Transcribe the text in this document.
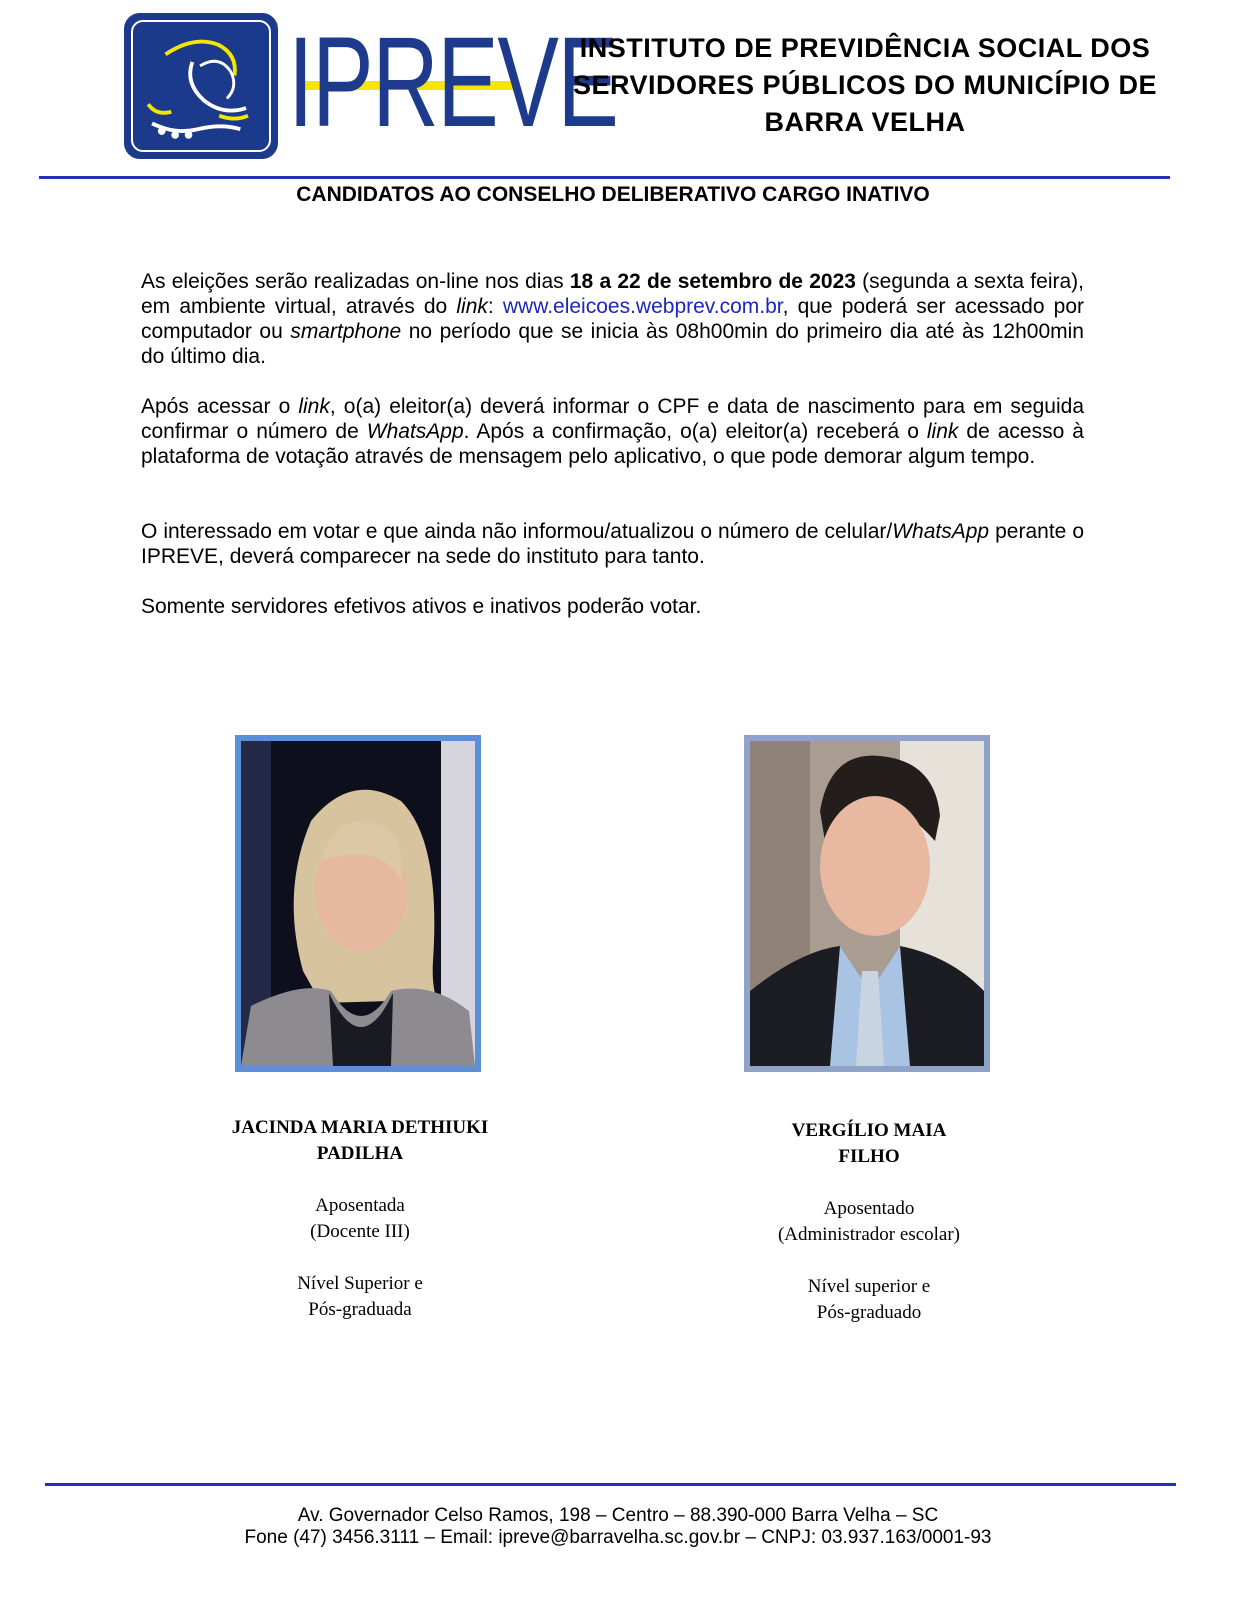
IPREVE
INSTITUTO DE PREVIDÊNCIA SOCIAL DOS
SERVIDORES PÚBLICOS DO MUNICÍPIO DE
BARRA VELHA
CANDIDATOS AO CONSELHO DELIBERATIVO CARGO INATIVO
As eleições serão realizadas on-line nos dias 18 a 22 de setembro de 2023 (segunda a sexta feira), em ambiente virtual, através do link: www.eleicoes.webprev.com.br, que poderá ser acessado por computador ou smartphone no período que se inicia às 08h00min do primeiro dia até às 12h00min do último dia.
Após acessar o link, o(a) eleitor(a) deverá informar o CPF e data de nascimento para em seguida confirmar o número de WhatsApp. Após a confirmação, o(a) eleitor(a) receberá o link de acesso à plataforma de votação através de mensagem pelo aplicativo, o que pode demorar algum tempo.
O interessado em votar e que ainda não informou/atualizou o número de celular/WhatsApp perante o IPREVE, deverá comparecer na sede do instituto para tanto.
Somente servidores efetivos ativos e inativos poderão votar.
JACINDA MARIA DETHIUKI
PADILHA
Aposentada
(Docente III)
Nível Superior e
Pós-graduada
VERGÍLIO MAIA
FILHO
Aposentado
(Administrador escolar)
Nível superior e
Pós-graduado
Av. Governador Celso Ramos, 198 – Centro – 88.390-000 Barra Velha – SC
Fone (47) 3456.3111 – Email: ipreve@barravelha.sc.gov.br – CNPJ: 03.937.163/0001-93
